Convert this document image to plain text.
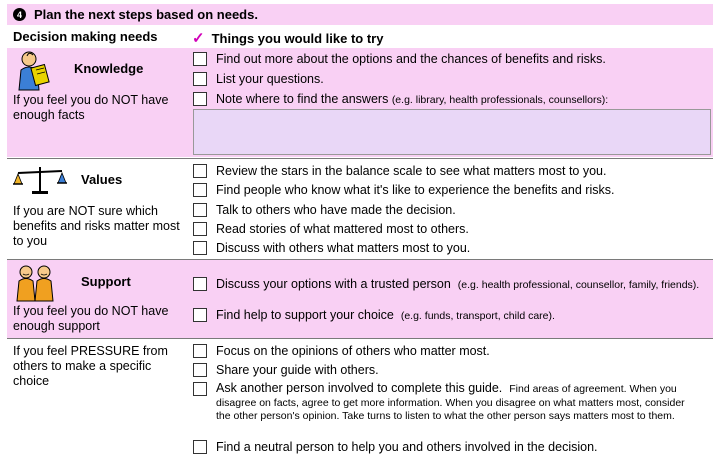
4 Plan the next steps based on needs.
Decision making needs ✓ Things you would like to try
Knowledge
If you feel you do NOT have enough facts
Find out more about the options and the chances of benefits and risks.
List your questions.
Note where to find the answers (e.g. library, health professionals, counsellors):
Values
If you are NOT sure which benefits and risks matter most to you
Review the stars in the balance scale to see what matters most to you.
Find people who know what it's like to experience the benefits and risks.
Talk to others who have made the decision.
Read stories of what mattered most to others.
Discuss with others what matters most to you.
Support
If you feel you do NOT have enough support
Discuss your options with a trusted person (e.g. health professional, counsellor, family, friends).
Find help to support your choice (e.g. funds, transport, child care).
If you feel PRESSURE from others to make a specific choice
Focus on the opinions of others who matter most.
Share your guide with others.
Ask another person involved to complete this guide. Find areas of agreement. When you disagree on facts, agree to get more information. When you disagree on what matters most, consider the other person's opinion. Take turns to listen to what the other person says matters most to them.
Find a neutral person to help you and others involved in the decision.
